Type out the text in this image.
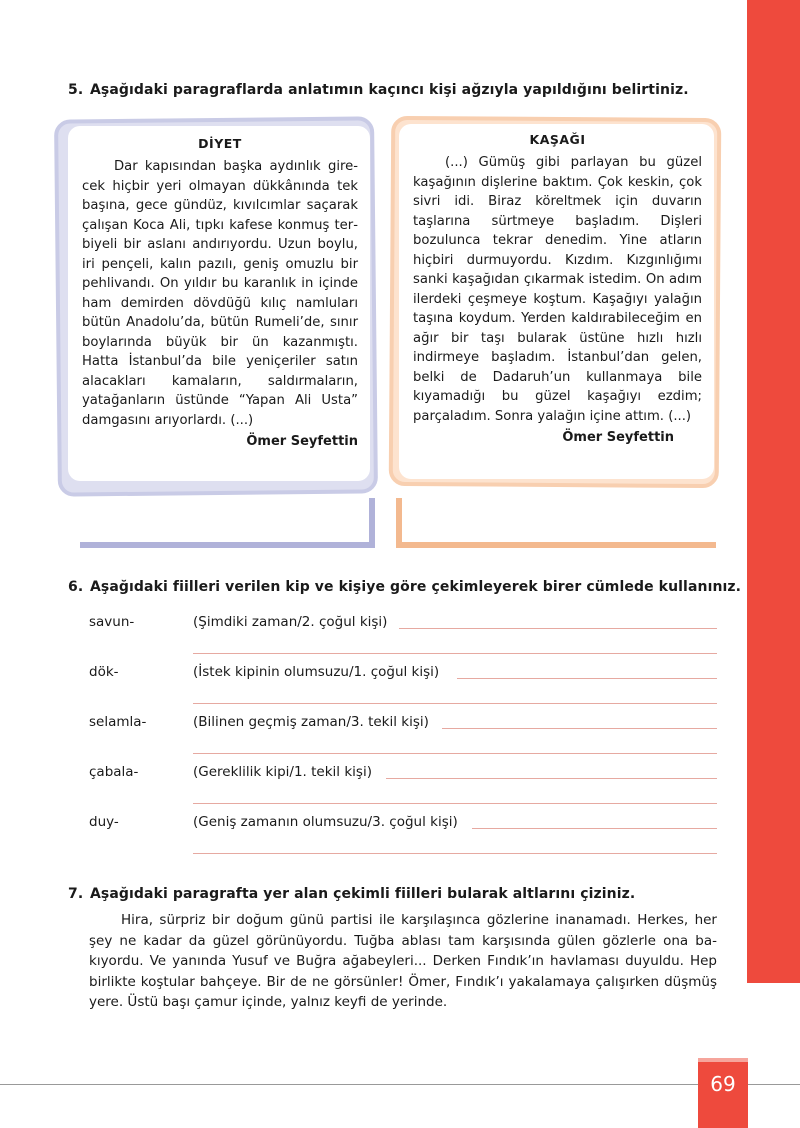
5. Aşağıdaki paragraflarda anlatımın kaçıncı kişi ağzıyla yapıldığını belirtiniz.
DİYET
Dar kapısından başka aydınlık girecek hiçbir yeri olmayan dükkânında tek başına, gece gündüz, kıvılcımlar saçarak çalışan Koca Ali, tıpkı kafese konmuş terbiyeli bir aslanı andırıyordu. Uzun boylu, iri pençeli, kalın pazılı, geniş omuzlu bir pehlivandı. On yıldır bu karanlık in içinde ham demirden dövdüğü kılıç namluları bütün Anadolu’da, bütün Rumeli’de, sınır boylarında büyük bir ün kazanmıştı. Hatta İstanbul’da bile yeniçeriler satın alacakları kamaların, saldırmaların, yatağanların üstünde “Yapan Ali Usta” damgasını arıyorlardı. (...)
Ömer Seyfettin
KAŞAĞI
(...) Gümüş gibi parlayan bu güzel kaşağının dişlerine baktım. Çok keskin, çok sivri idi. Biraz köreltmek için duvarın taşlarına sürtmeye başladım. Dişleri bozulunca tekrar denedim. Yine atların hiçbiri durmuyordu. Kızdım. Kızgınlığımı sanki kaşağıdan çıkarmak istedim. On adım ilerdeki çeşmeye koştum. Kaşağıyı yalağın taşına koydum. Yerden kaldırabileceğim en ağır bir taşı bularak üstüne hızlı hızlı indirmeye başladım. İstanbul’dan gelen, belki de Dadaruh’un kullanmaya bile kıyamadığı bu güzel kaşağıyı ezdim; parçaladım. Sonra yalağın içine attım. (...)
Ömer Seyfettin
6. Aşağıdaki fiilleri verilen kip ve kişiye göre çekimleyerek birer cümlede kullanınız.
savun-	(Şimdiki zaman/2. çoğul kişi)
dök-	(İstek kipinin olumsuzu/1. çoğul kişi)
selamla-	(Bilinen geçmiş zaman/3. tekil kişi)
çabala-	(Gereklilik kipi/1. tekil kişi)
duy-	(Geniş zamanın olumsuzu/3. çoğul kişi)
7. Aşağıdaki paragrafta yer alan çekimli fiilleri bularak altlarını çiziniz.
Hira, sürpriz bir doğum günü partisi ile karşılaşınca gözlerine inanamadı. Herkes, her şey ne kadar da güzel görünüyordu. Tuğba ablası tam karşısında gülen gözlerle ona bakıyordu. Ve yanında Yusuf ve Buğra ağabeyleri... Derken Fındık’ın havlaması duyuldu. Hep birlikte koştular bahçeye. Bir de ne görsünler! Ömer, Fındık’ı yakalamaya çalışırken düşmüş yere. Üstü başı çamur içinde, yalnız keyfi de yerinde.
69
